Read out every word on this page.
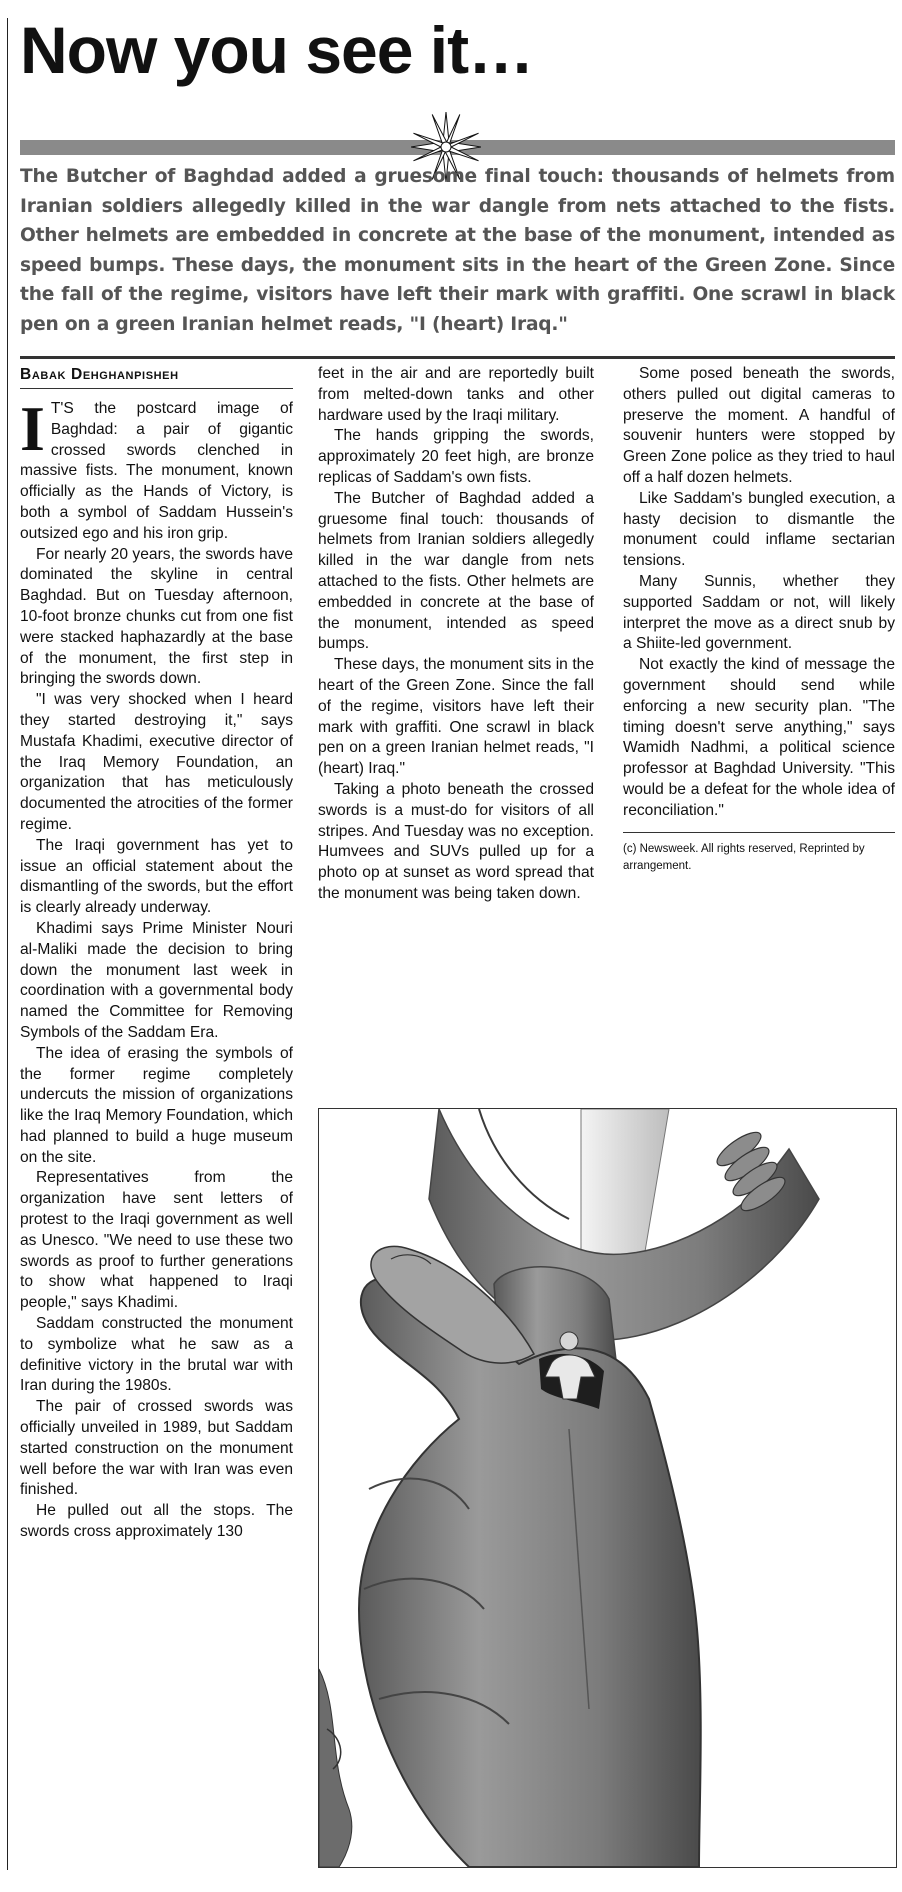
Now you see it…

The Butcher of Baghdad added a gruesome final touch: thousands of helmets from Iranian soldiers allegedly killed in the war dangle from nets attached to the fists. Other helmets are embedded in concrete at the base of the monument, intended as speed bumps. These days, the monument sits in the heart of the Green Zone. Since the fall of the regime, visitors have left their mark with graffiti. One scrawl in black pen on a green Iranian helmet reads, "I (heart) Iraq."

Babak Dehghanpisheh

I T'S the postcard image of Baghdad: a pair of gigantic crossed swords clenched in massive fists. The monument, known officially as the Hands of Victory, is both a symbol of Saddam Hussein's outsized ego and his iron grip.

For nearly 20 years, the swords have dominated the skyline in central Baghdad. But on Tuesday afternoon, 10-foot bronze chunks cut from one fist were stacked haphazardly at the base of the monument, the first step in bringing the swords down.

"I was very shocked when I heard they started destroying it," says Mustafa Khadimi, executive director of the Iraq Memory Foundation, an organization that has meticulously documented the atrocities of the former regime.

The Iraqi government has yet to issue an official statement about the dismantling of the swords, but the effort is clearly already underway.

Khadimi says Prime Minister Nouri al-Maliki made the decision to bring down the monument last week in coordination with a governmental body named the Committee for Removing Symbols of the Saddam Era.

The idea of erasing the symbols of the former regime completely undercuts the mission of organizations like the Iraq Memory Foundation, which had planned to build a huge museum on the site.

Representatives from the organization have sent letters of protest to the Iraqi government as well as Unesco. "We need to use these two swords as proof to further generations to show what happened to Iraqi people," says Khadimi.

Saddam constructed the monument to symbolize what he saw as a definitive victory in the brutal war with Iran during the 1980s.

The pair of crossed swords was officially unveiled in 1989, but Saddam started construction on the monument well before the war with Iran was even finished.

He pulled out all the stops. The swords cross approximately 130

feet in the air and are reportedly built from melted-down tanks and other hardware used by the Iraqi military.

The hands gripping the swords, approximately 20 feet high, are bronze replicas of Saddam's own fists.

The Butcher of Baghdad added a gruesome final touch: thousands of helmets from Iranian soldiers allegedly killed in the war dangle from nets attached to the fists. Other helmets are embedded in concrete at the base of the monument, intended as speed bumps.

These days, the monument sits in the heart of the Green Zone. Since the fall of the regime, visitors have left their mark with graffiti. One scrawl in black pen on a green Iranian helmet reads, "I (heart) Iraq."

Taking a photo beneath the crossed swords is a must-do for visitors of all stripes. And Tuesday was no exception. Humvees and SUVs pulled up for a photo op at sunset as word spread that the monument was being taken down.

Some posed beneath the swords, others pulled out digital cameras to preserve the moment. A handful of souvenir hunters were stopped by Green Zone police as they tried to haul off a half dozen helmets.

Like Saddam's bungled execution, a hasty decision to dismantle the monument could inflame sectarian tensions.

Many Sunnis, whether they supported Saddam or not, will likely interpret the move as a direct snub by a Shiite-led government.

Not exactly the kind of message the government should send while enforcing a new security plan. "The timing doesn't serve anything," says Wamidh Nadhmi, a political science professor at Baghdad University. "This would be a defeat for the whole idea of reconciliation."

(c) Newsweek. All rights reserved, Reprinted by arrangement.
